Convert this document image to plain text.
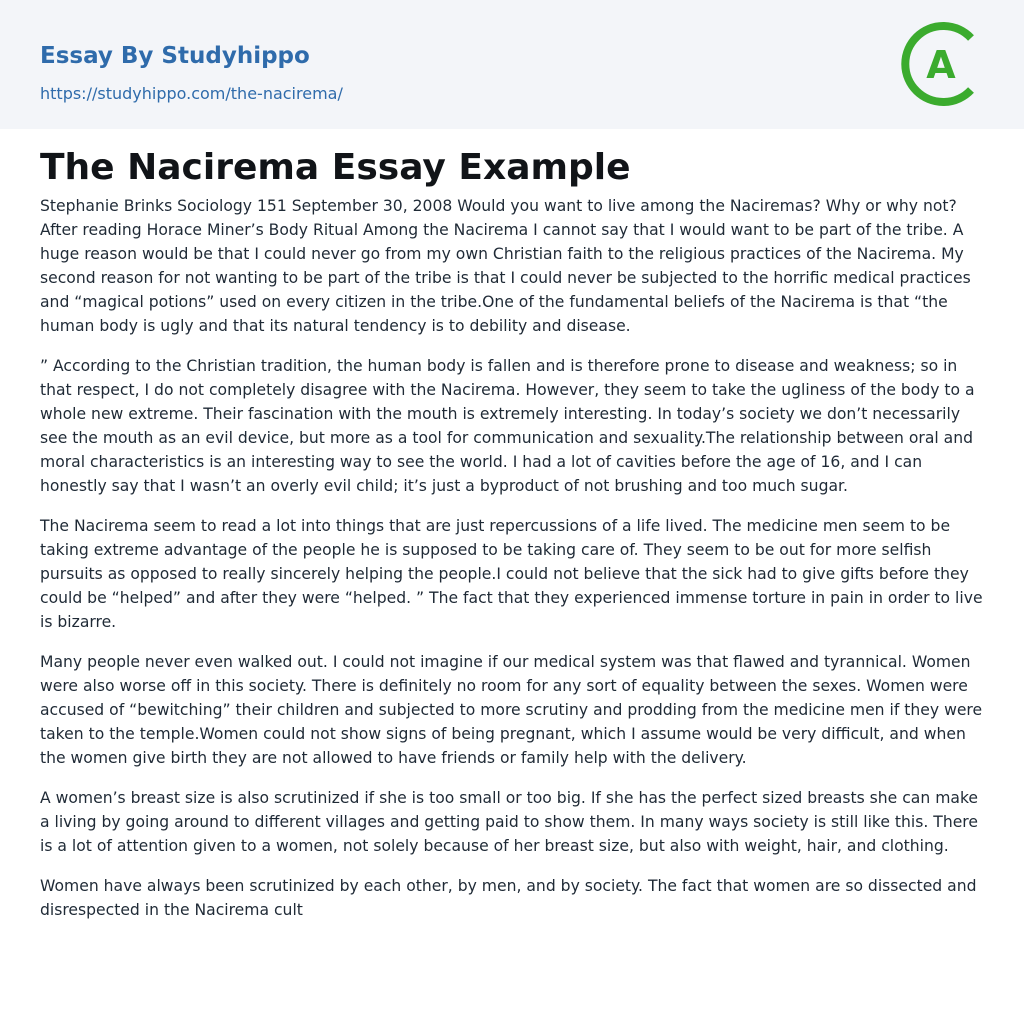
Essay By Studyhippo
https://studyhippo.com/the-nacirema/
A
The Nacirema Essay Example

Stephanie Brinks Sociology 151 September 30, 2008 Would you want to live among the Naciremas? Why or why not? After reading Horace Miner’s Body Ritual Among the Nacirema I cannot say that I would want to be part of the tribe. A huge reason would be that I could never go from my own Christian faith to the religious practices of the Nacirema. My second reason for not wanting to be part of the tribe is that I could never be subjected to the horrific medical practices and “magical potions” used on every citizen in the tribe.One of the fundamental beliefs of the Nacirema is that “the human body is ugly and that its natural tendency is to debility and disease.

” According to the Christian tradition, the human body is fallen and is therefore prone to disease and weakness; so in that respect, I do not completely disagree with the Nacirema. However, they seem to take the ugliness of the body to a whole new extreme. Their fascination with the mouth is extremely interesting. In today’s society we don’t necessarily see the mouth as an evil device, but more as a tool for communication and sexuality.The relationship between oral and moral characteristics is an interesting way to see the world. I had a lot of cavities before the age of 16, and I can honestly say that I wasn’t an overly evil child; it’s just a byproduct of not brushing and too much sugar.

The Nacirema seem to read a lot into things that are just repercussions of a life lived. The medicine men seem to be taking extreme advantage of the people he is supposed to be taking care of. They seem to be out for more selfish pursuits as opposed to really sincerely helping the people.I could not believe that the sick had to give gifts before they could be “helped” and after they were “helped. ” The fact that they experienced immense torture in pain in order to live is bizarre.

Many people never even walked out. I could not imagine if our medical system was that flawed and tyrannical. Women were also worse off in this society. There is definitely no room for any sort of equality between the sexes. Women were accused of “bewitching” their children and subjected to more scrutiny and prodding from the medicine men if they were taken to the temple.Women could not show signs of being pregnant, which I assume would be very difficult, and when the women give birth they are not allowed to have friends or family help with the delivery.

A women’s breast size is also scrutinized if she is too small or too big. If she has the perfect sized breasts she can make a living by going around to different villages and getting paid to show them. In many ways society is still like this. There is a lot of attention given to a women, not solely because of her breast size, but also with weight, hair, and clothing.

Women have always been scrutinized by each other, by men, and by society. The fact that women are so dissected and disrespected in the Nacirema cult
